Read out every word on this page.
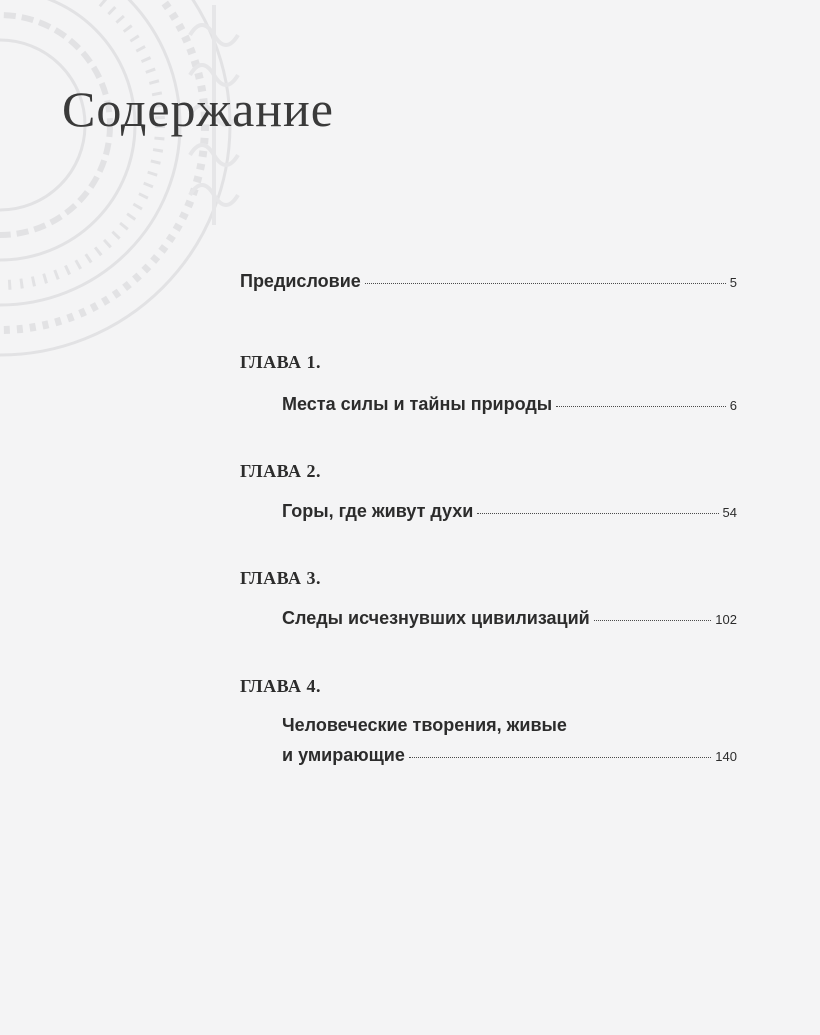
Содержание
Предисловие	5
ГЛАВА 1.
Места силы и тайны природы	6
ГЛАВА 2.
Горы, где живут духи	54
ГЛАВА 3.
Следы исчезнувших цивилизаций	102
ГЛАВА 4.
Человеческие творения, живые
и умирающие	140
